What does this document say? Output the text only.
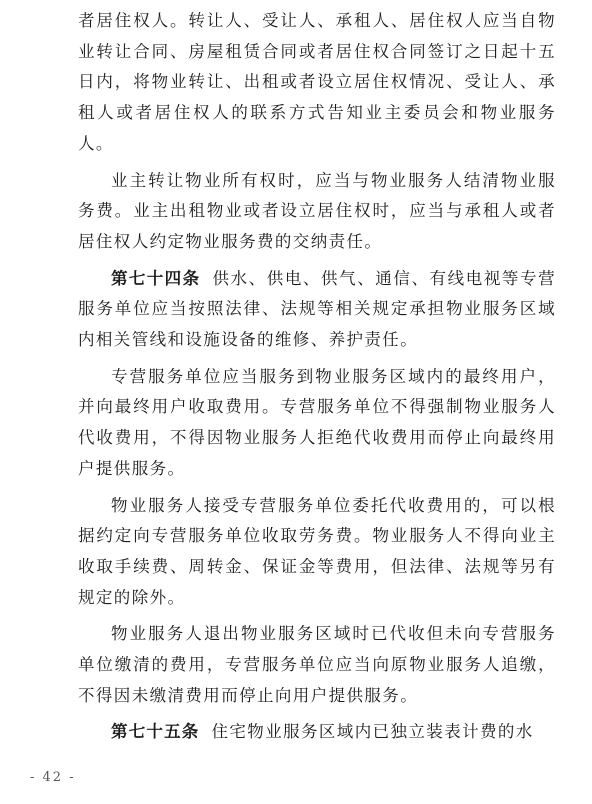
者居住权人。转让人、受让人、承租人、居住权人应当自物业转让合同、房屋租赁合同或者居住权合同签订之日起十五日内，将物业转让、出租或者设立居住权情况、受让人、承租人或者居住权人的联系方式告知业主委员会和物业服务人。

业主转让物业所有权时，应当与物业服务人结清物业服务费。业主出租物业或者设立居住权时，应当与承租人或者居住权人约定物业服务费的交纳责任。

第七十四条 供水、供电、供气、通信、有线电视等专营服务单位应当按照法律、法规等相关规定承担物业服务区域内相关管线和设施设备的维修、养护责任。

专营服务单位应当服务到物业服务区域内的最终用户，并向最终用户收取费用。专营服务单位不得强制物业服务人代收费用，不得因物业服务人拒绝代收费用而停止向最终用户提供服务。

物业服务人接受专营服务单位委托代收费用的，可以根据约定向专营服务单位收取劳务费。物业服务人不得向业主收取手续费、周转金、保证金等费用，但法律、法规等另有规定的除外。

物业服务人退出物业服务区域时已代收但未向专营服务单位缴清的费用，专营服务单位应当向原物业服务人追缴，不得因未缴清费用而停止向用户提供服务。

第七十五条 住宅物业服务区域内已独立装表计费的水

- 42 -
